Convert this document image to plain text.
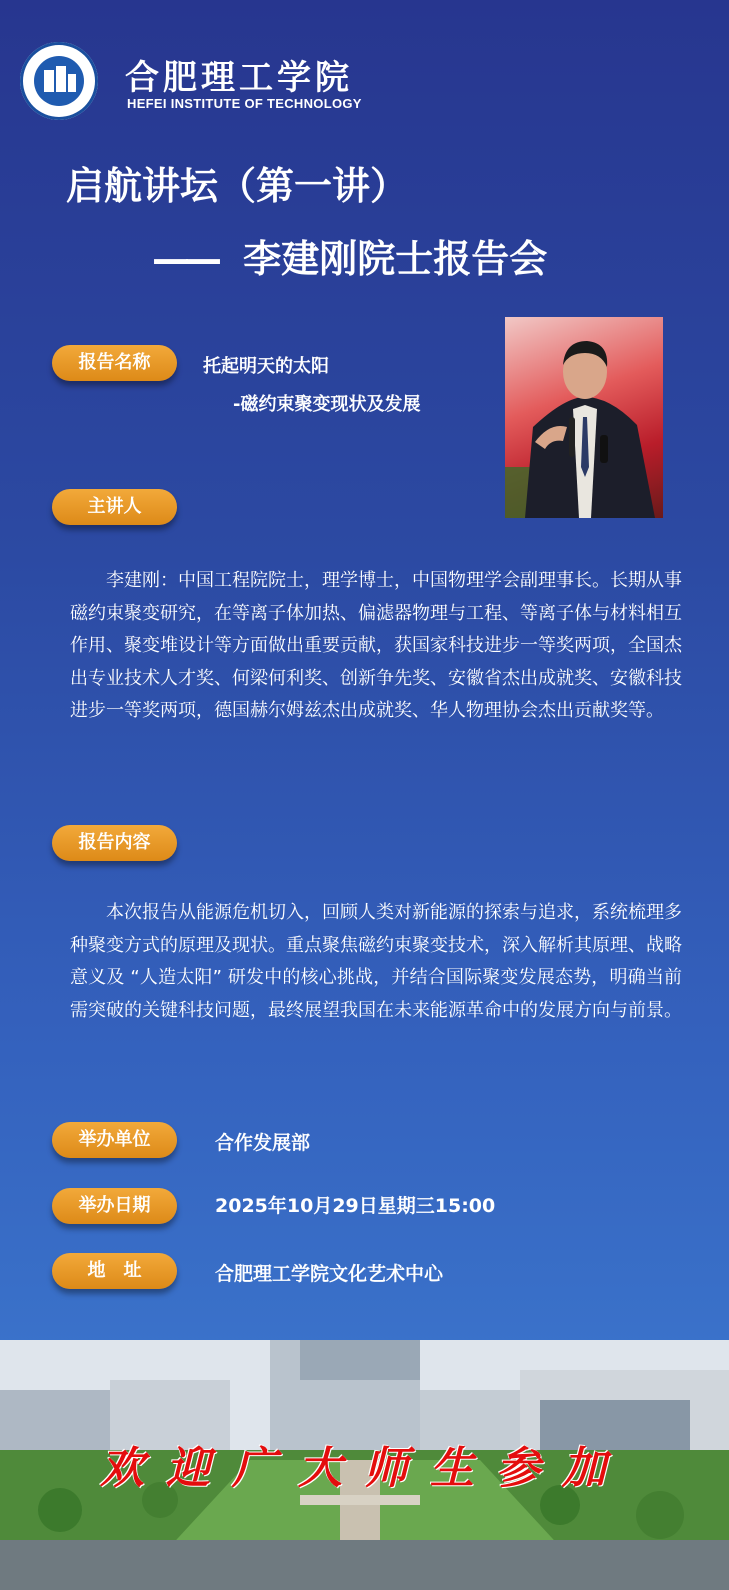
合肥理工学院
HEFEI INSTITUTE OF TECHNOLOGY
启航讲坛（第一讲）
—— 李建刚院士报告会
报告名称	托起明天的太阳
-磁约束聚变现状及发展
主讲人
李建刚：中国工程院院士，理学博士，中国物理学会副理事长。长期从事磁约束聚变研究，在等离子体加热、偏滤器物理与工程、等离子体与材料相互作用、聚变堆设计等方面做出重要贡献，获国家科技进步一等奖两项，全国杰出专业技术人才奖、何梁何利奖、创新争先奖、安徽省杰出成就奖、安徽科技进步一等奖两项，德国赫尔姆兹杰出成就奖、华人物理协会杰出贡献奖等。
报告内容
本次报告从能源危机切入，回顾人类对新能源的探索与追求，系统梳理多种聚变方式的原理及现状。重点聚焦磁约束聚变技术，深入解析其原理、战略意义及 “人造太阳” 研发中的核心挑战，并结合国际聚变发展态势，明确当前需突破的关键科技问题，最终展望我国在未来能源革命中的发展方向与前景。
举办单位	合作发展部
举办日期	2025年10月29日星期三15:00
地　址	合肥理工学院文化艺术中心
欢迎广大师生参加
